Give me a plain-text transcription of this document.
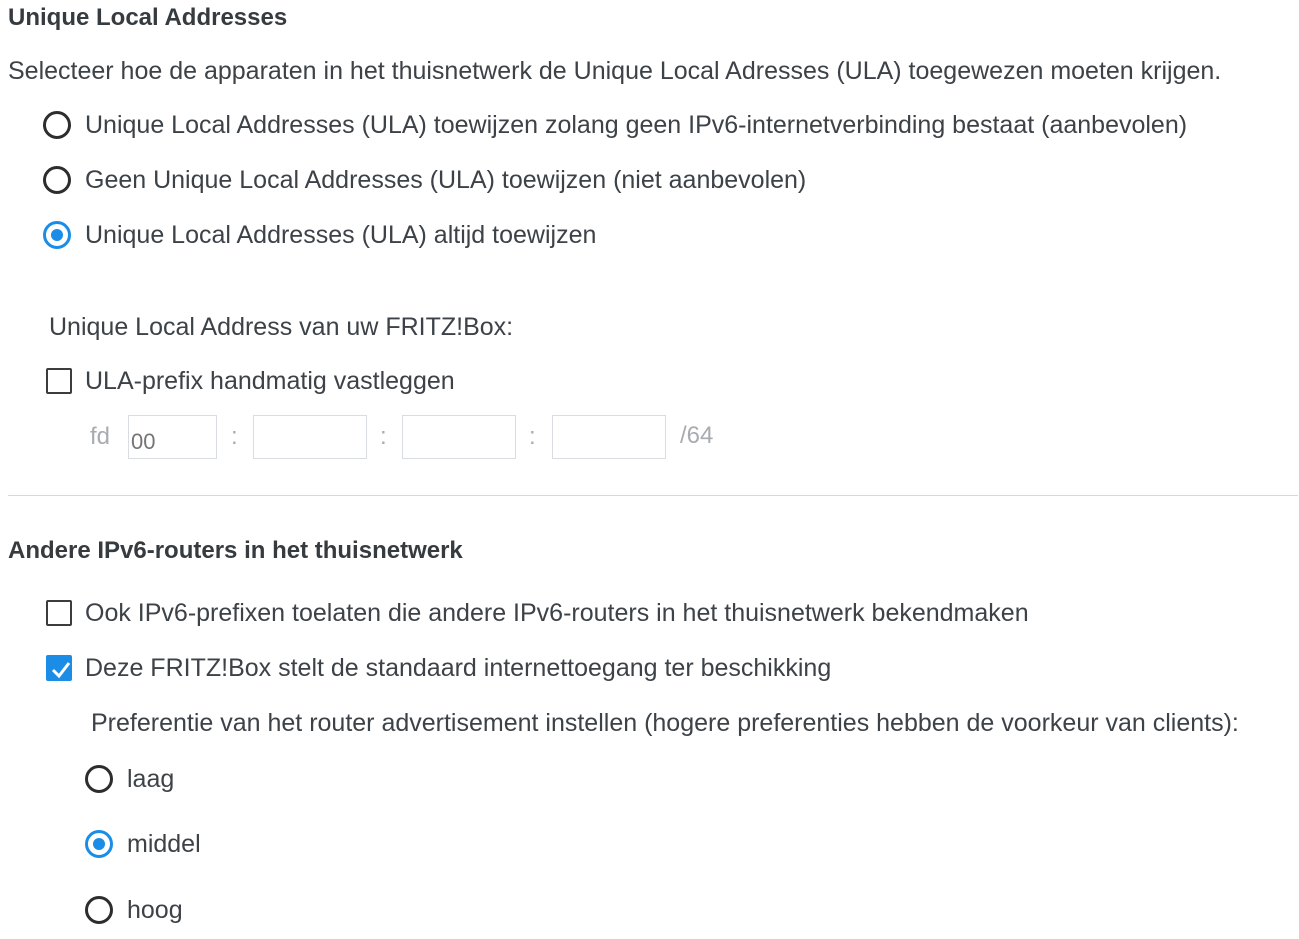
Unique Local Addresses
Selecteer hoe de apparaten in het thuisnetwerk de Unique Local Adresses (ULA) toegewezen moeten krijgen.
Unique Local Addresses (ULA) toewijzen zolang geen IPv6-internetverbinding bestaat (aanbevolen)
Geen Unique Local Addresses (ULA) toewijzen (niet aanbevolen)
Unique Local Addresses (ULA) altijd toewijzen
Unique Local Address van uw FRITZ!Box:
ULA-prefix handmatig vastleggen
fd
00	:	:	:	/64
Andere IPv6-routers in het thuisnetwerk
Ook IPv6-prefixen toelaten die andere IPv6-routers in het thuisnetwerk bekendmaken
Deze FRITZ!Box stelt de standaard internettoegang ter beschikking
Preferentie van het router advertisement instellen (hogere preferenties hebben de voorkeur van clients):
laag
middel
hoog
